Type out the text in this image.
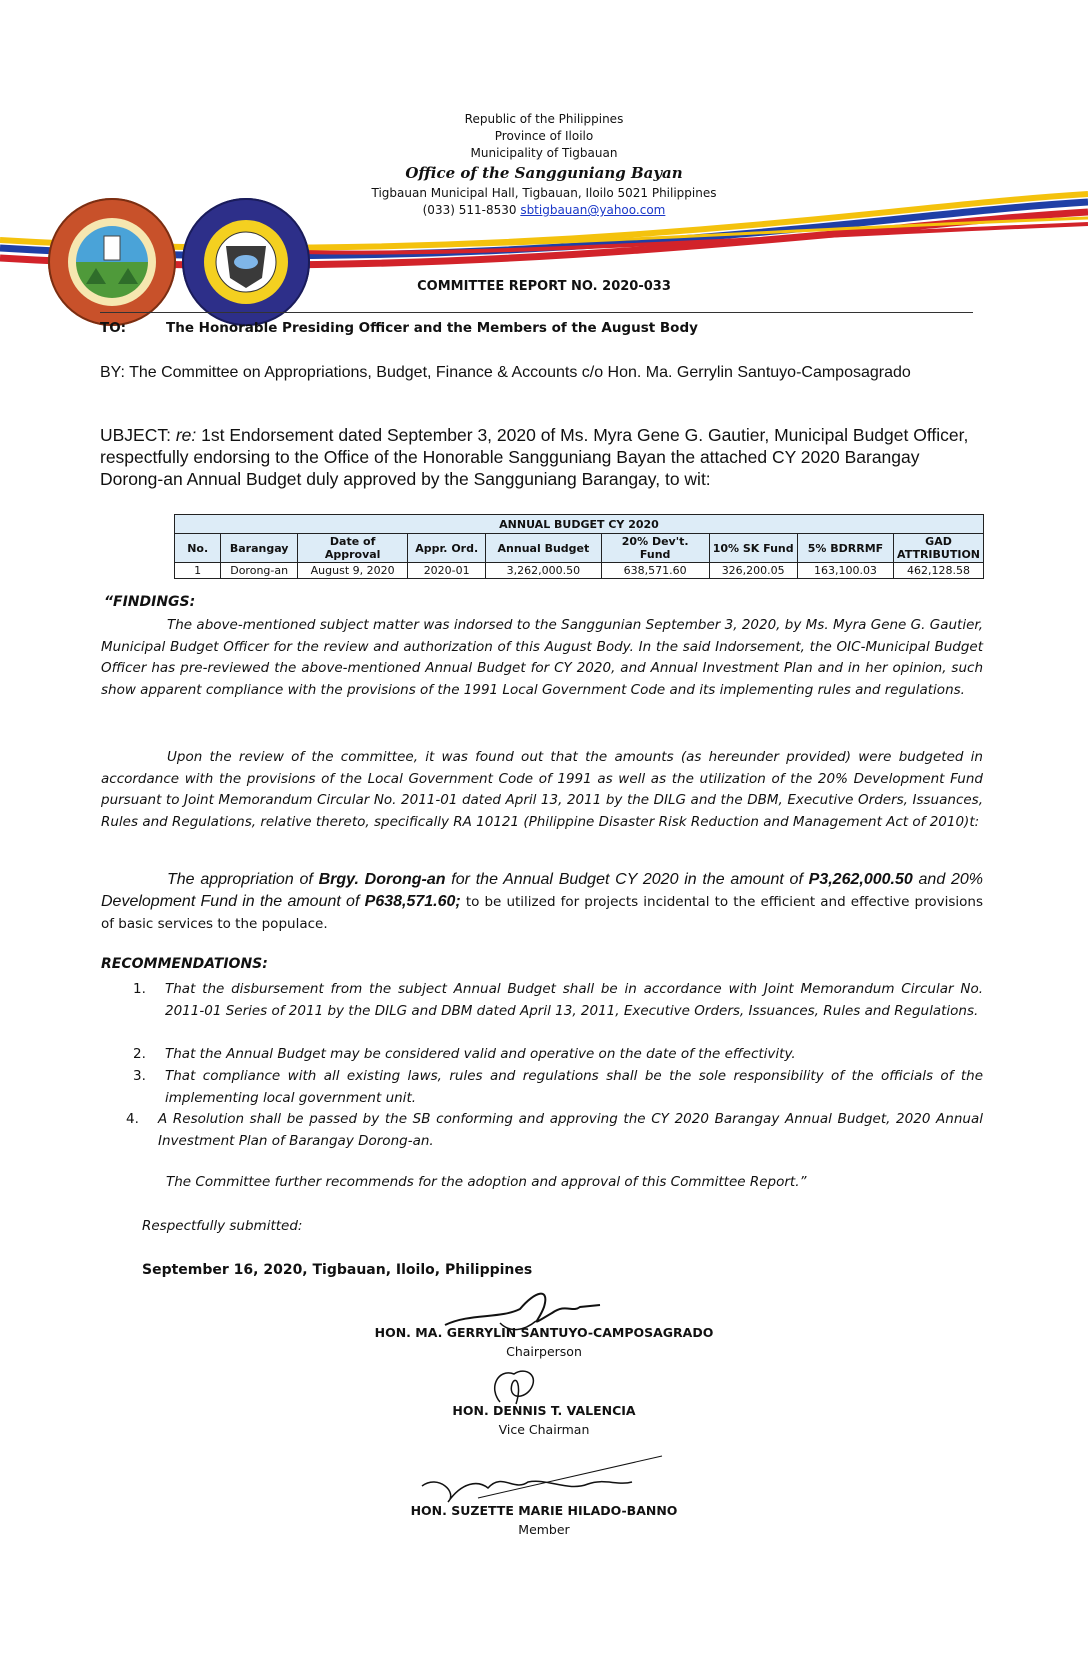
Republic of the Philippines
Province of Iloilo
Municipality of Tigbauan
Office of the Sangguniang Bayan
Tigbauan Municipal Hall, Tigbauan, Iloilo 5021 Philippines
(033) 511-8530 sbtigbauan@yahoo.com
COMMITTEE REPORT NO. 2020-033
TO:	The Honorable Presiding Officer and the Members of the August Body
BY: The Committee on Appropriations, Budget, Finance & Accounts c/o Hon. Ma. Gerrylin Santuyo-Camposagrado
UBJECT: re: 1st Endorsement dated September 3, 2020 of Ms. Myra Gene G. Gautier, Municipal Budget Officer, respectfully endorsing to the Office of the Honorable Sangguniang Bayan the attached CY 2020 Barangay Dorong-an Annual Budget duly approved by the Sangguniang Barangay, to wit:
ANNUAL BUDGET CY 2020								
No.	Barangay	Date of Approval	Appr. Ord.	Annual Budget	20% Dev't. Fund	10% SK Fund	5% BDRRMF	GAD ATTRIBUTION
1	Dorong-an	August 9, 2020	2020-01	3,262,000.50	638,571.60	326,200.05	163,100.03	462,128.58
“FINDINGS:
The above-mentioned subject matter was indorsed to the Sanggunian September 3, 2020, by Ms. Myra Gene G. Gautier, Municipal Budget Officer for the review and authorization of this August Body. In the said Indorsement, the OIC-Municipal Budget Officer has pre-reviewed the above-mentioned Annual Budget for CY 2020, and Annual Investment Plan and in her opinion, such show apparent compliance with the provisions of the 1991 Local Government Code and its implementing rules and regulations.
Upon the review of the committee, it was found out that the amounts (as hereunder provided) were budgeted in accordance with the provisions of the Local Government Code of 1991 as well as the utilization of the 20% Development Fund pursuant to Joint Memorandum Circular No. 2011-01 dated April 13, 2011 by the DILG and the DBM, Executive Orders, Issuances, Rules and Regulations, relative thereto, specifically RA 10121 (Philippine Disaster Risk Reduction and Management Act of 2010)t:
The appropriation of Brgy. Dorong-an for the Annual Budget CY 2020 in the amount of P3,262,000.50 and 20% Development Fund in the amount of P638,571.60; to be utilized for projects incidental to the efficient and effective provisions of basic services to the populace.
RECOMMENDATIONS:
1. That the disbursement from the subject Annual Budget shall be in accordance with Joint Memorandum Circular No. 2011-01 Series of 2011 by the DILG and DBM dated April 13, 2011, Executive Orders, Issuances, Rules and Regulations.
2. That the Annual Budget may be considered valid and operative on the date of the effectivity.
3. That compliance with all existing laws, rules and regulations shall be the sole responsibility of the officials of the implementing local government unit.
4. A Resolution shall be passed by the SB conforming and approving the CY 2020 Barangay Annual Budget, 2020 Annual Investment Plan of Barangay Dorong-an.
The Committee further recommends for the adoption and approval of this Committee Report.”
Respectfully submitted:
September 16, 2020, Tigbauan, Iloilo, Philippines
HON. MA. GERRYLIN SANTUYO-CAMPOSAGRADO
Chairperson
HON. DENNIS T. VALENCIA
Vice Chairman
HON. SUZETTE MARIE HILADO-BANNO
Member
